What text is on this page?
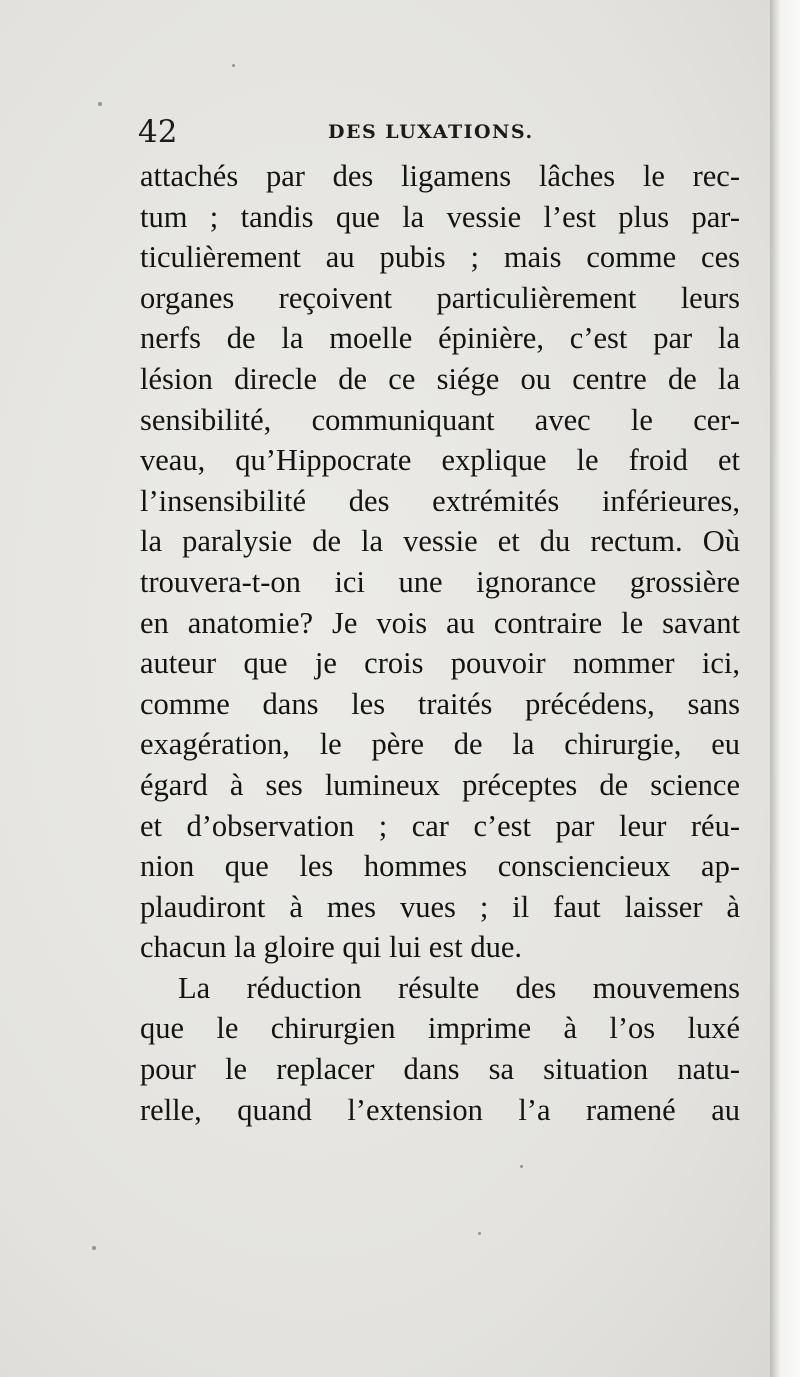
42	DES LUXATIONS.
attachés par des ligamens lâches le rec-
tum ; tandis que la vessie l’est plus par-
ticulièrement au pubis ; mais comme ces
organes reçoivent particulièrement leurs
nerfs de la moelle épinière, c’est par la
lésion direcle de ce siége ou centre de la
sensibilité, communiquant avec le cer-
veau, qu’Hippocrate explique le froid et
l’insensibilité des extrémités inférieures,
la paralysie de la vessie et du rectum. Où
trouvera-t-on ici une ignorance grossière
en anatomie? Je vois au contraire le savant
auteur que je crois pouvoir nommer ici,
comme dans les traités précédens, sans
exagération, le père de la chirurgie, eu
égard à ses lumineux préceptes de science
et d’observation ; car c’est par leur réu-
nion que les hommes consciencieux ap-
plaudiront à mes vues ; il faut laisser à
chacun la gloire qui lui est due.
La réduction résulte des mouvemens
que le chirurgien imprime à l’os luxé
pour le replacer dans sa situation natu-
relle, quand l’extension l’a ramené au
